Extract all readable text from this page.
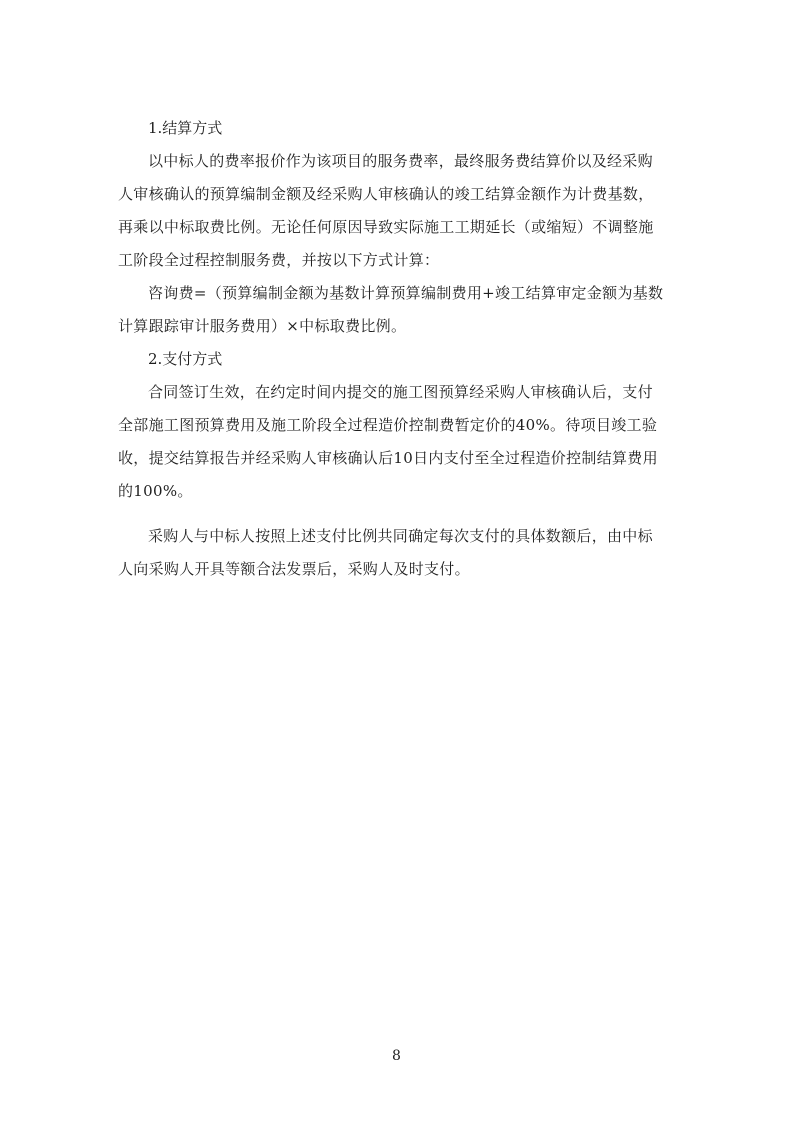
1.结算方式

以中标人的费率报价作为该项目的服务费率，最终服务费结算价以及经采购

人审核确认的预算编制金额及经采购人审核确认的竣工结算金额作为计费基数，

再乘以中标取费比例。无论任何原因导致实际施工工期延长（或缩短）不调整施

工阶段全过程控制服务费，并按以下方式计算：

咨询费=（预算编制金额为基数计算预算编制费用+竣工结算审定金额为基数

计算跟踪审计服务费用）×中标取费比例。

2.支付方式

合同签订生效，在约定时间内提交的施工图预算经采购人审核确认后，支付

全部施工图预算费用及施工阶段全过程造价控制费暂定价的40%。待项目竣工验

收，提交结算报告并经采购人审核确认后10日内支付至全过程造价控制结算费用

的100%。

采购人与中标人按照上述支付比例共同确定每次支付的具体数额后，由中标

人向采购人开具等额合法发票后，采购人及时支付。

8
